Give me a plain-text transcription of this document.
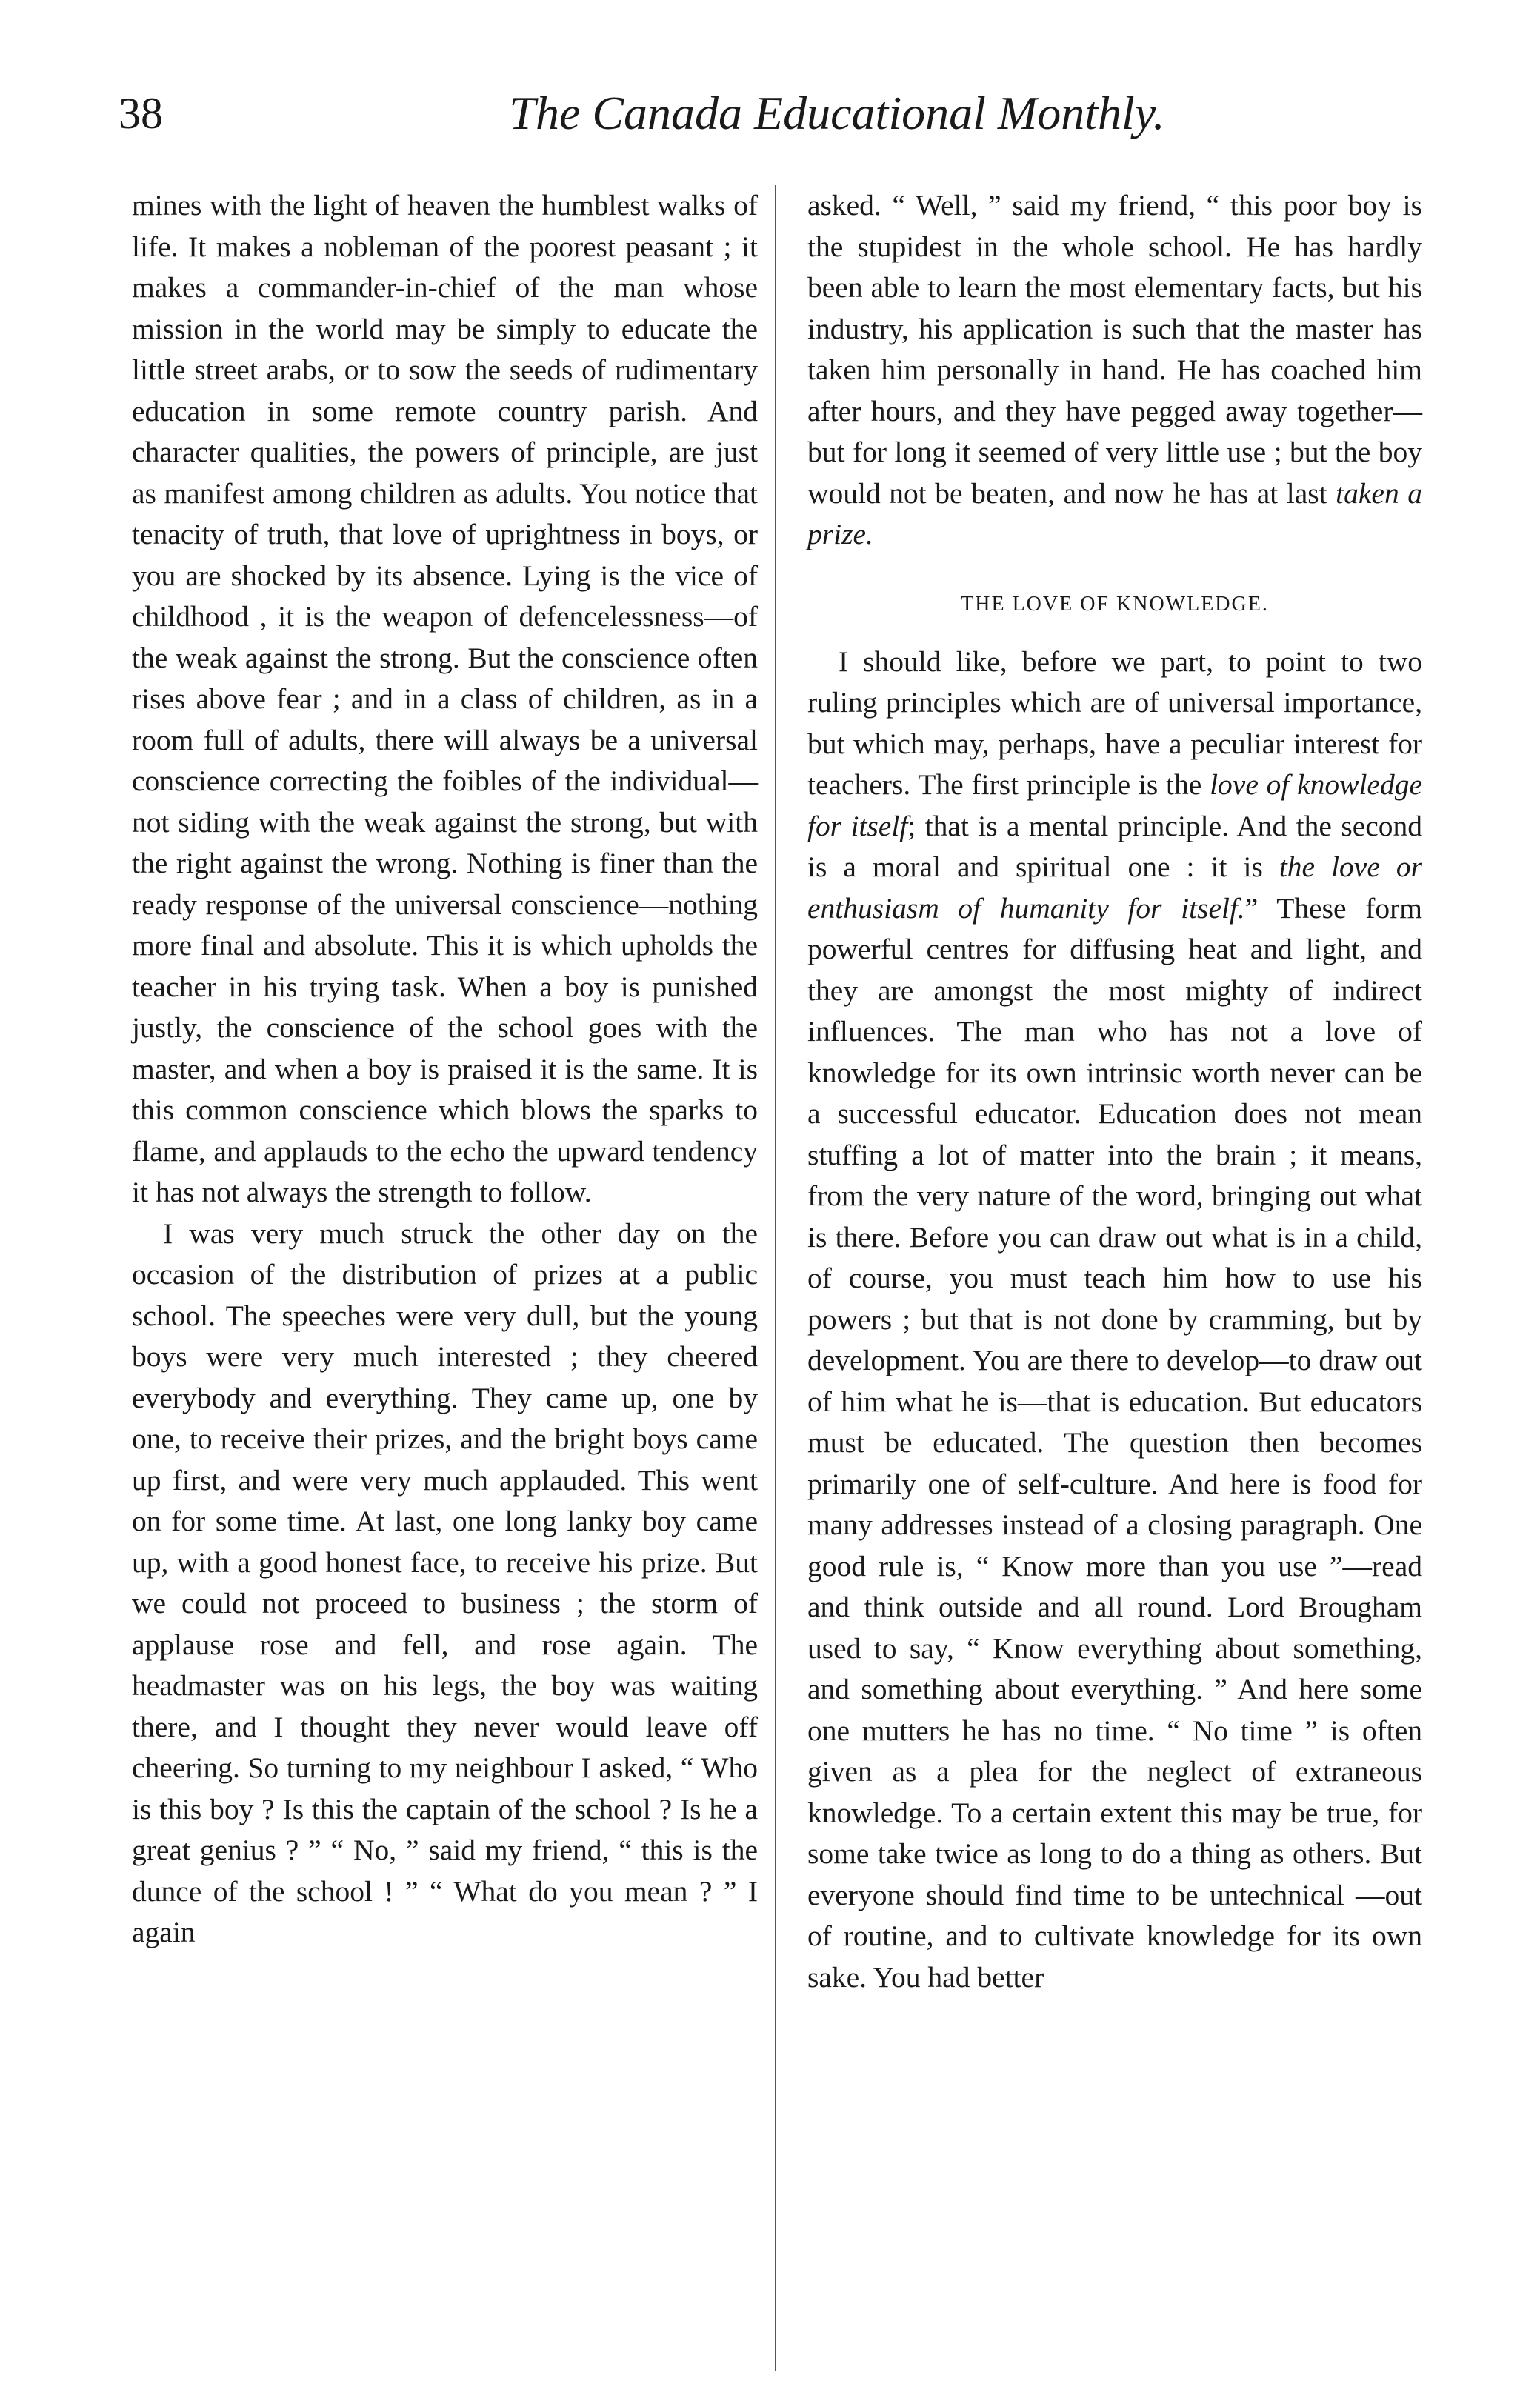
38	The Canada Educational Monthly.

mines with the light of heaven the humblest walks of life. It makes a nobleman of the poorest peasant ; it makes a commander-in-chief of the man whose mission in the world may be simply to educate the little street arabs, or to sow the seeds of rudimentary education in some remote country parish. And character qualities, the powers of principle, are just as manifest among children as adults. You notice that tenacity of truth, that love of uprightness in boys, or you are shocked by its absence. Lying is the vice of childhood , it is the weapon of defencelessness—of the weak against the strong. But the conscience often rises above fear ; and in a class of children, as in a room full of adults, there will always be a universal conscience correcting the foibles of the individual—not siding with the weak against the strong, but with the right against the wrong. Nothing is finer than the ready response of the universal conscience—nothing more final and absolute. This it is which upholds the teacher in his trying task. When a boy is punished justly, the conscience of the school goes with the master, and when a boy is praised it is the same. It is this common conscience which blows the sparks to flame, and applauds to the echo the upward tendency it has not always the strength to follow.

I was very much struck the other day on the occasion of the distribution of prizes at a public school. The speeches were very dull, but the young boys were very much interested ; they cheered everybody and everything. They came up, one by one, to receive their prizes, and the bright boys came up first, and were very much applauded. This went on for some time. At last, one long lanky boy came up, with a good honest face, to receive his prize. But we could not proceed to business ; the storm of applause rose and fell, and rose again. The headmaster was on his legs, the boy was waiting there, and I thought they never would leave off cheering. So turning to my neighbour I asked, “ Who is this boy ? Is this the captain of the school ? Is he a great genius ? ” “ No, ” said my friend, “ this is the dunce of the school ! ” “ What do you mean ? ” I again

asked. “ Well, ” said my friend, “ this poor boy is the stupidest in the whole school. He has hardly been able to learn the most elementary facts, but his industry, his application is such that the master has taken him personally in hand. He has coached him after hours, and they have pegged away together—but for long it seemed of very little use ; but the boy would not be beaten, and now he has at last taken a prize.

THE LOVE OF KNOWLEDGE.

I should like, before we part, to point to two ruling principles which are of universal importance, but which may, perhaps, have a peculiar interest for teachers. The first principle is the love of knowledge for itself; that is a mental principle. And the second is a moral and spiritual one : it is the love or enthusiasm of humanity for itself.” These form powerful centres for diffusing heat and light, and they are amongst the most mighty of indirect influences. The man who has not a love of knowledge for its own intrinsic worth never can be a successful educator. Education does not mean stuffing a lot of matter into the brain ; it means, from the very nature of the word, bringing out what is there. Before you can draw out what is in a child, of course, you must teach him how to use his powers ; but that is not done by cramming, but by development. You are there to develop—to draw out of him what he is—that is education. But educators must be educated. The question then becomes primarily one of self-culture. And here is food for many addresses instead of a closing paragraph. One good rule is, “ Know more than you use ”—read and think outside and all round. Lord Brougham used to say, “ Know everything about something, and something about everything. ” And here some one mutters he has no time. “ No time ” is often given as a plea for the neglect of extraneous knowledge. To a certain extent this may be true, for some take twice as long to do a thing as others. But everyone should find time to be untechnical —out of routine, and to cultivate knowledge for its own sake. You had better
